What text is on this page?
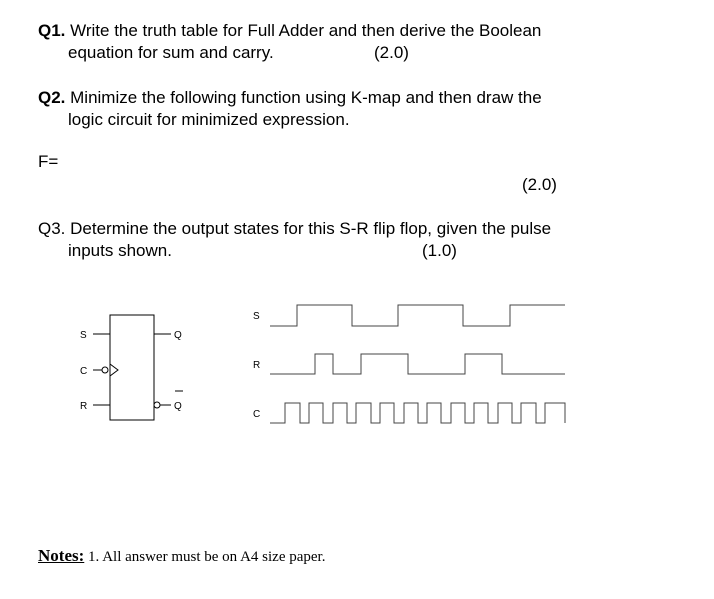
Q1. Write the truth table for Full Adder and then derive the Boolean
equation for sum and carry.	(2.0)
Q2. Minimize the following function using K-map and then draw the
logic circuit for minimized expression.
F=
(2.0)
Q3. Determine the output states for this S-R flip flop, given the pulse
inputs shown.	(1.0)
S
C
R
Q
Q
S
R
C
Notes: 1. All answer must be on A4 size paper.
